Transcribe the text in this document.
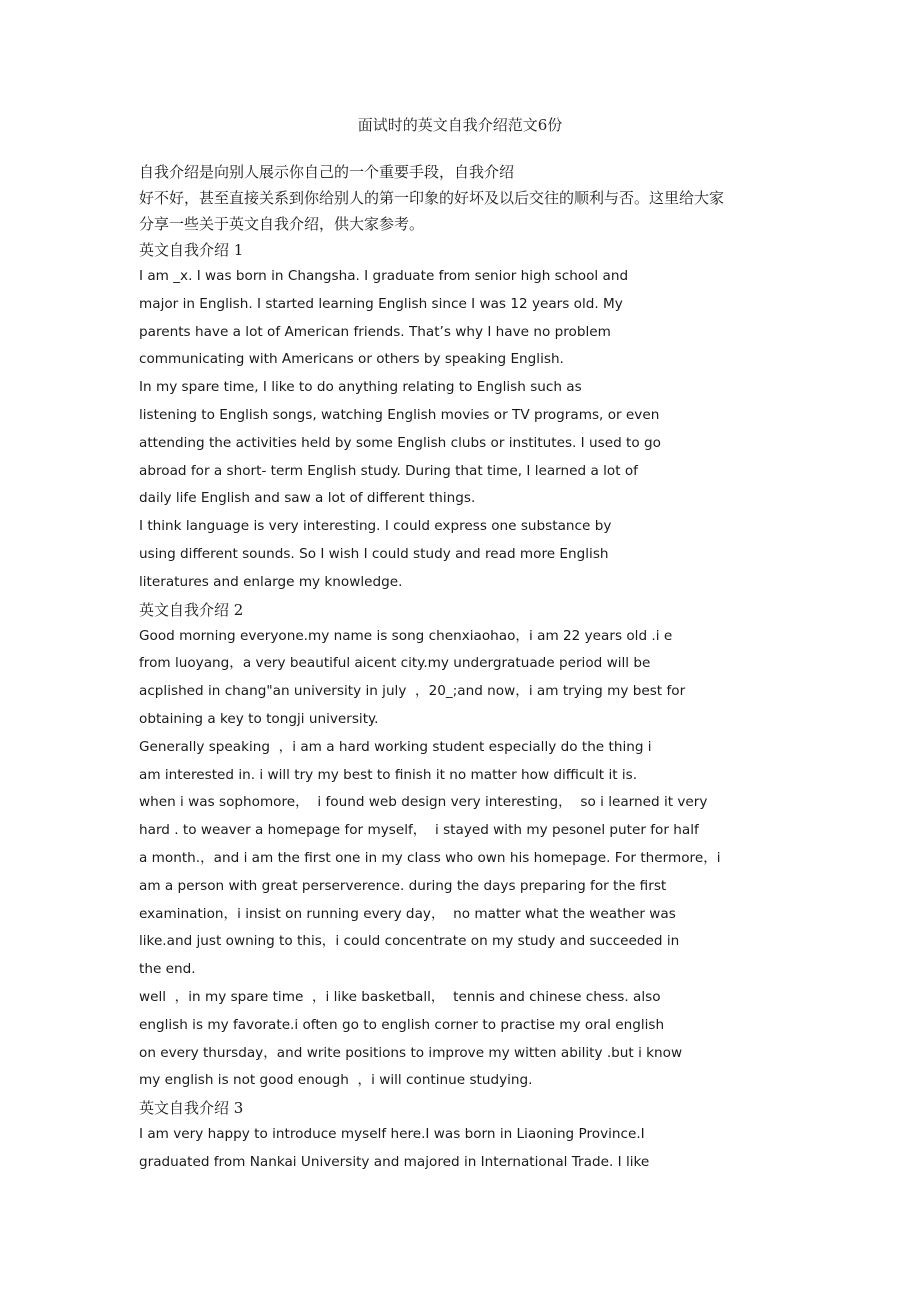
面试时的英文自我介绍范文6份
自我介绍是向别人展示你自己的一个重要手段，自我介绍
好不好，甚至直接关系到你给别人的第一印象的好坏及以后交往的顺利与否。这里给大家
分享一些关于英文自我介绍，供大家参考。
英文自我介绍 1
I am _x. I was born in Changsha. I graduate from senior high school and
major in English. I started learning English since I was 12 years old. My
parents have a lot of American friends. That’s why I have no problem
communicating with Americans or others by speaking English.
In my spare time, I like to do anything relating to English such as
listening to English songs, watching English movies or TV programs, or even
attending the activities held by some English clubs or institutes. I used to go
abroad for a short- term English study. During that time, I learned a lot of
daily life English and saw a lot of different things.
I think language is very interesting. I could express one substance by
using different sounds. So I wish I could study and read more English
literatures and enlarge my knowledge.
英文自我介绍 2
Good morning everyone.my name is song chenxiaohao，i am 22 years old .i e
from luoyang，a very beautiful aicent city.my undergratuade period will be
acplished in chang"an university in july  ，20_;and now，i am trying my best for
obtaining a key to tongji university.
Generally speaking  ，i am a hard working student especially do the thing i
am interested in. i will try my best to finish it no matter how difficult it is.
when i was sophomore，  i found web design very interesting，  so i learned it very
hard . to weaver a homepage for myself，  i stayed with my pesonel puter for half
a month.，and i am the first one in my class who own his homepage. For thermore，i
am a person with great perserverence. during the days preparing for the first
examination，i insist on running every day，  no matter what the weather was
like.and just owning to this，i could concentrate on my study and succeeded in
the end.
well  ，in my spare time  ，i like basketball，  tennis and chinese chess. also
english is my favorate.i often go to english corner to practise my oral english
on every thursday，and write positions to improve my witten ability .but i know
my english is not good enough  ，i will continue studying.
英文自我介绍 3
I am very happy to introduce myself here.I was born in Liaoning Province.I
graduated from Nankai University and majored in International Trade. I like
